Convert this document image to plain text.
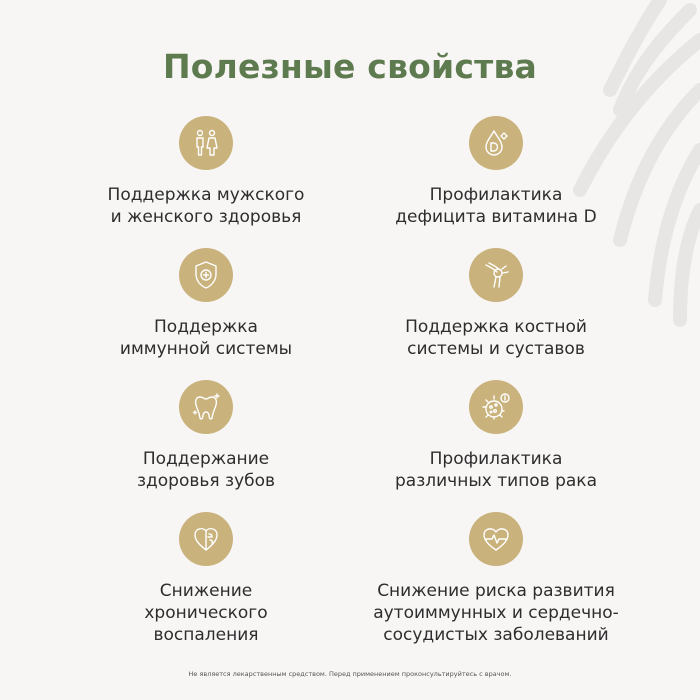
Полезные свойства
Поддержка мужского
и женского здоровья
Профилактика
дефицита витамина D
Поддержка
иммунной системы
Поддержка костной
системы и суставов
Поддержание
здоровья зубов
Профилактика
различных типов рака
Снижение
хронического
воспаления
Снижение риска развития
аутоиммунных и сердечно-
сосудистых заболеваний
Не является лекарственным средством. Перед применением проконсультируйтесь с врачом.
